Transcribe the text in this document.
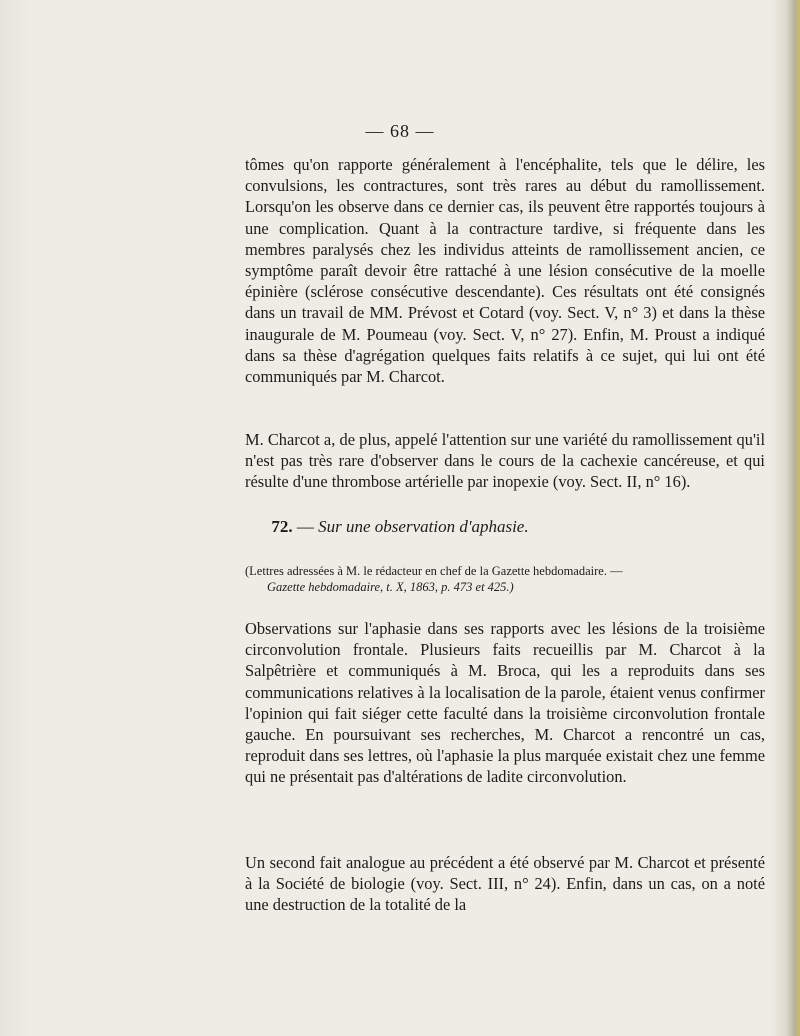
— 68 —

tômes qu'on rapporte généralement à l'encéphalite, tels que le délire, les convulsions, les contractures, sont très rares au début du ramollissement. Lorsqu'on les observe dans ce dernier cas, ils peuvent être rapportés toujours à une complication. Quant à la contracture tardive, si fréquente dans les membres paralysés chez les individus atteints de ramollissement ancien, ce symptôme paraît devoir être rattaché à une lésion consécutive de la moelle épinière (sclérose consécutive descendante). Ces résultats ont été consignés dans un travail de MM. Prévost et Cotard (voy. Sect. V, n° 3) et dans la thèse inaugurale de M. Poumeau (voy. Sect. V, n° 27). Enfin, M. Proust a indiqué dans sa thèse d'agrégation quelques faits relatifs à ce sujet, qui lui ont été communiqués par M. Charcot.

M. Charcot a, de plus, appelé l'attention sur une variété du ramollissement qu'il n'est pas très rare d'observer dans le cours de la cachexie cancéreuse, et qui résulte d'une thrombose artérielle par inopexie (voy. Sect. II, n° 16).

72. — Sur une observation d'aphasie.

(Lettres adressées à M. le rédacteur en chef de la Gazette hebdomadaire. —
Gazette hebdomadaire, t. X, 1863, p. 473 et 425.)

Observations sur l'aphasie dans ses rapports avec les lésions de la troisième circonvolution frontale. Plusieurs faits recueillis par M. Charcot à la Salpêtrière et communiqués à M. Broca, qui les a reproduits dans ses communications relatives à la localisation de la parole, étaient venus confirmer l'opinion qui fait siéger cette faculté dans la troisième circonvolution frontale gauche. En poursuivant ses recherches, M. Charcot a rencontré un cas, reproduit dans ses lettres, où l'aphasie la plus marquée existait chez une femme qui ne présentait pas d'altérations de ladite circonvolution.

Un second fait analogue au précédent a été observé par M. Charcot et présenté à la Société de biologie (voy. Sect. III, n° 24). Enfin, dans un cas, on a noté une destruction de la totalité de la
